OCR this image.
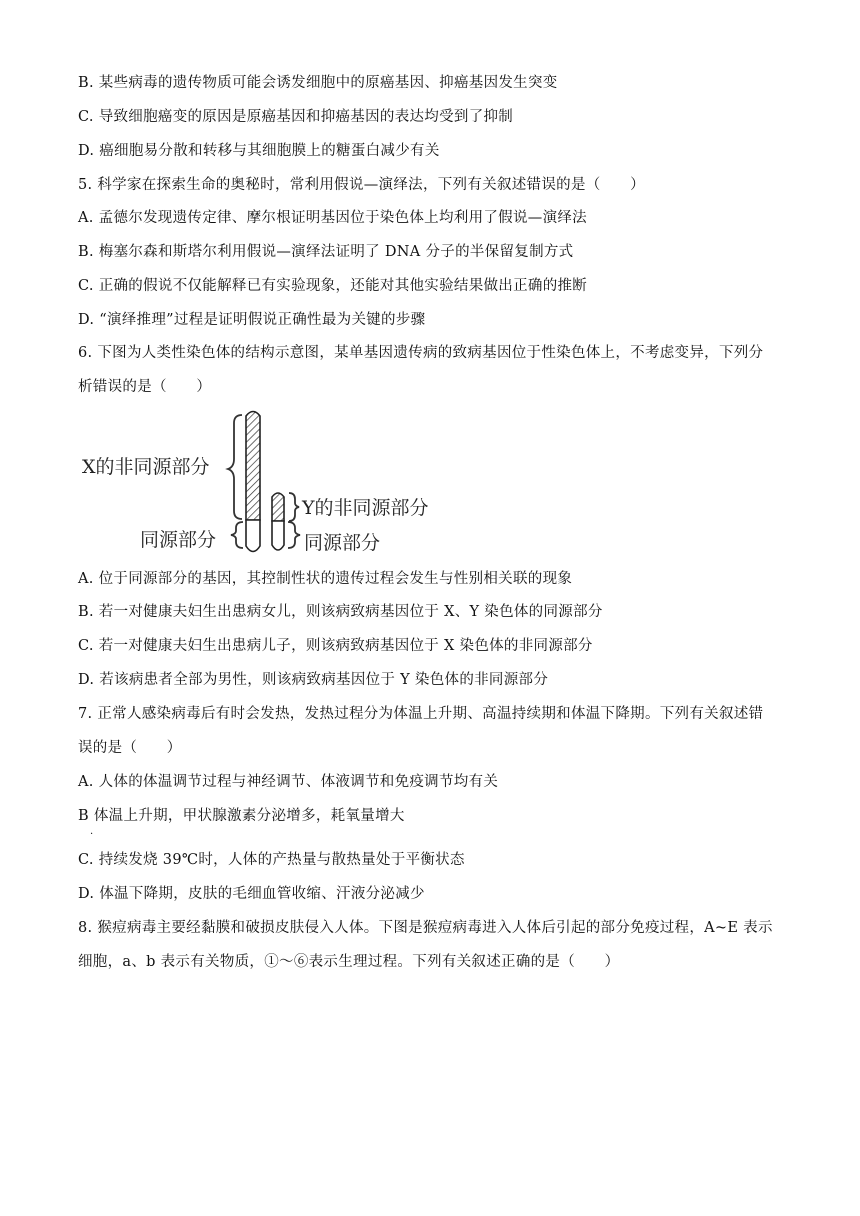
B. 某些病毒的遗传物质可能会诱发细胞中的原癌基因、抑癌基因发生突变
C. 导致细胞癌变的原因是原癌基因和抑癌基因的表达均受到了抑制
D. 癌细胞易分散和转移与其细胞膜上的糖蛋白减少有关
5. 科学家在探索生命的奥秘时，常利用假说—演绎法，下列有关叙述错误的是（　　）
A. 孟德尔发现遗传定律、摩尔根证明基因位于染色体上均利用了假说—演绎法
B. 梅塞尔森和斯塔尔利用假说—演绎法证明了 DNA 分子的半保留复制方式
C. 正确的假说不仅能解释已有实验现象，还能对其他实验结果做出正确的推断
D. “演绎推理”过程是证明假说正确性最为关键的步骤
6. 下图为人类性染色体的结构示意图，某单基因遗传病的致病基因位于性染色体上，不考虑变异，下列分
析错误的是（　　）
X的非同源部分
Y的非同源部分
同源部分	同源部分
A. 位于同源部分的基因，其控制性状的遗传过程会发生与性别相关联的现象
B. 若一对健康夫妇生出患病女儿，则该病致病基因位于 X、Y 染色体的同源部分
C. 若一对健康夫妇生出患病儿子，则该病致病基因位于 X 染色体的非同源部分
D. 若该病患者全部为男性，则该病致病基因位于 Y 染色体的非同源部分
7. 正常人感染病毒后有时会发热，发热过程分为体温上升期、高温持续期和体温下降期。下列有关叙述错
误的是（　　）
A. 人体的体温调节过程与神经调节、体液调节和免疫调节均有关
B 体温上升期，甲状腺激素分泌增多，耗氧量增大
.
C. 持续发烧 39℃时，人体的产热量与散热量处于平衡状态
D. 体温下降期，皮肤的毛细血管收缩、汗液分泌减少
8. 猴痘病毒主要经黏膜和破损皮肤侵入人体。下图是猴痘病毒进入人体后引起的部分免疫过程，A~E 表示
细胞，a、b 表示有关物质，①～⑥表示生理过程。下列有关叙述正确的是（　　）
